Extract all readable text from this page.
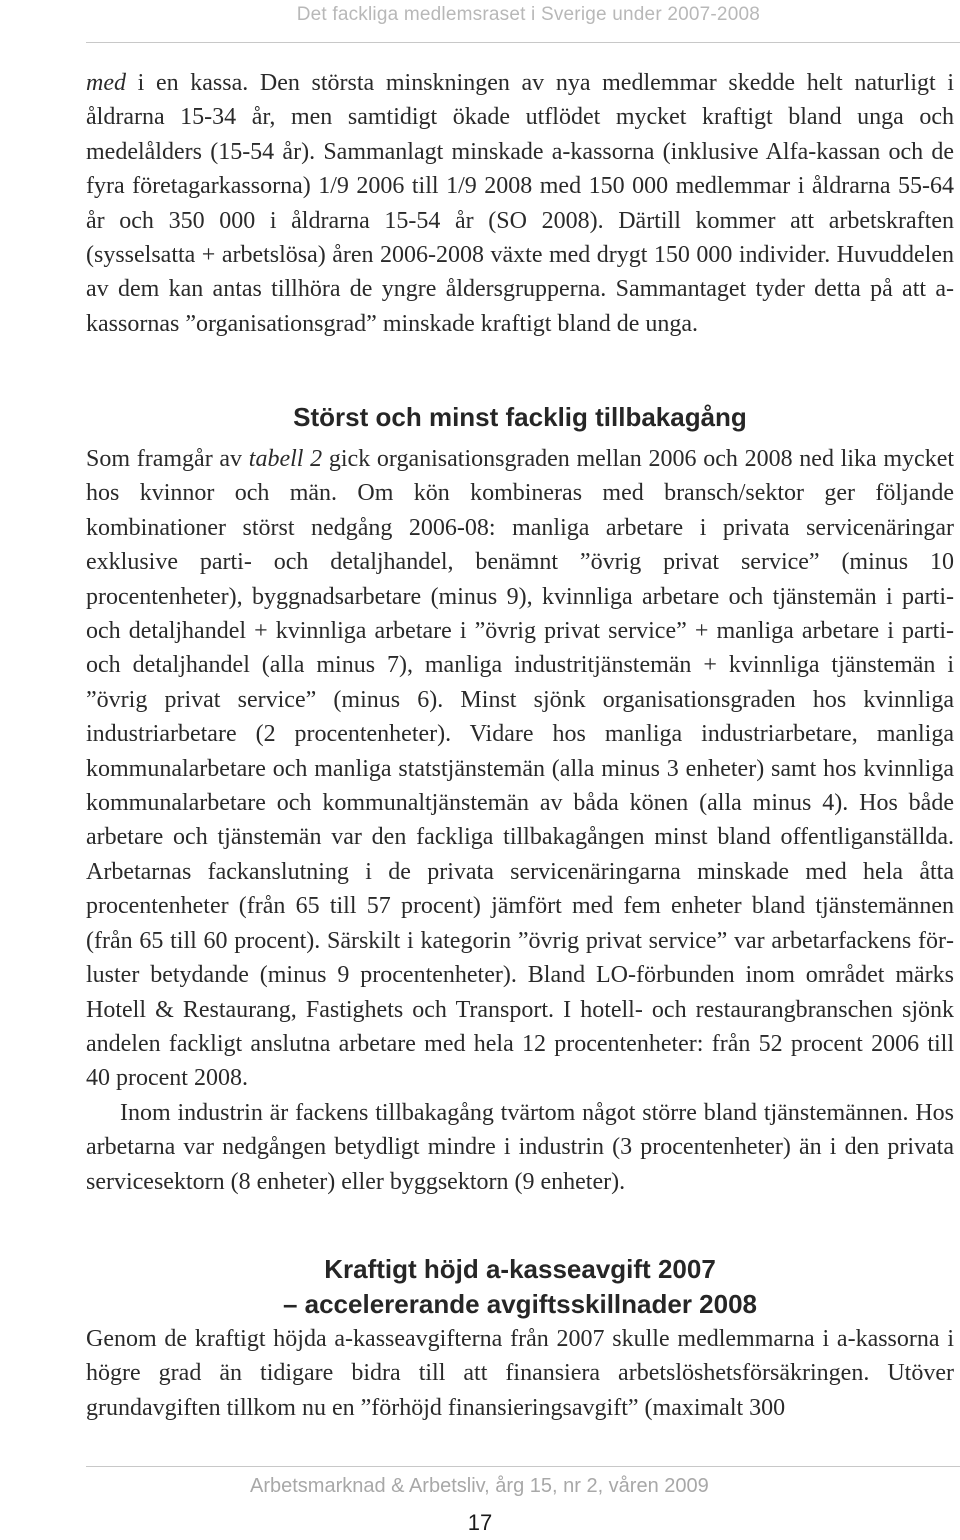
Det fackliga medlemsraset i Sverige under 2007-2008

med i en kassa. Den största minskningen av nya medlemmar skedde helt naturligt i åldrarna 15-34 år, men samtidigt ökade utflödet mycket kraftigt bland unga och medelålders (15-54 år). Sammanlagt minskade a-kassorna (inklusive Alfa-kassan och de fyra företagarkassorna) 1/9 2006 till 1/9 2008 med 150 000 medlemmar i åldrarna 55-64 år och 350 000 i åldrarna 15-54 år (SO 2008). Därtill kommer att arbetskraften (sysselsatta + arbetslösa) åren 2006-2008 växte med drygt 150 000 individer. Huvuddelen av dem kan antas tillhöra de yngre åldersgrupperna. Sammantaget tyder detta på att a-kassornas ”organisationsgrad” minskade kraftigt bland de unga.

Störst och minst facklig tillbakagång

Som framgår av tabell 2 gick organisationsgraden mellan 2006 och 2008 ned lika mycket hos kvinnor och män. Om kön kombineras med bransch/sektor ger följande kombinationer störst nedgång 2006-08: manliga arbetare i privata servicenäringar exklusive parti- och detaljhandel, benämnt ”övrig privat service” (minus 10 procentenheter), byggnadsarbetare (minus 9), kvinnliga arbetare och tjänstemän i parti- och detaljhandel + kvinnliga arbetare i ”övrig privat service” + manliga arbetare i parti- och detaljhandel (alla minus 7), manliga industritjänstemän + kvinnliga tjänstemän i ”övrig privat service” (minus 6). Minst sjönk organisationsgraden hos kvinnliga industriarbetare (2 procentenheter). Vidare hos manliga industriarbetare, manliga kommunalarbetare och manliga statstjänstemän (alla minus 3 enheter) samt hos kvinnliga kommunalarbetare och kommunaltjänstemän av båda könen (alla minus 4). Hos både arbetare och tjänstemän var den fackliga tillbakagången minst bland offentliganställda. Arbetarnas fackanslutning i de privata servicenäringarna minskade med hela åtta procentenheter (från 65 till 57 procent) jämfört med fem enheter bland tjänstemännen (från 65 till 60 procent). Särskilt i kategorin ”övrig privat service” var arbetarfackens förluster betydande (minus 9 procentenheter). Bland LO-förbunden inom området märks Hotell & Restaurang, Fastighets och Transport. I hotell- och restaurangbranschen sjönk andelen fackligt anslutna arbetare med hela 12 procentenheter: från 52 procent 2006 till 40 procent 2008.

Inom industrin är fackens tillbakagång tvärtom något större bland tjänstemännen. Hos arbetarna var nedgången betydligt mindre i industrin (3 procentenheter) än i den privata servicesektorn (8 enheter) eller byggsektorn (9 enheter).

Kraftigt höjd a-kasseavgift 2007
– accelererande avgiftsskillnader 2008

Genom de kraftigt höjda a-kasseavgifterna från 2007 skulle medlemmarna i a-kassorna i högre grad än tidigare bidra till att finansiera arbetslöshetsförsäkringen. Utöver grundavgiften tillkom nu en ”förhöjd finansieringsavgift” (maximalt 300

Arbetsmarknad & Arbetsliv, årg 15, nr 2, våren 2009
17
